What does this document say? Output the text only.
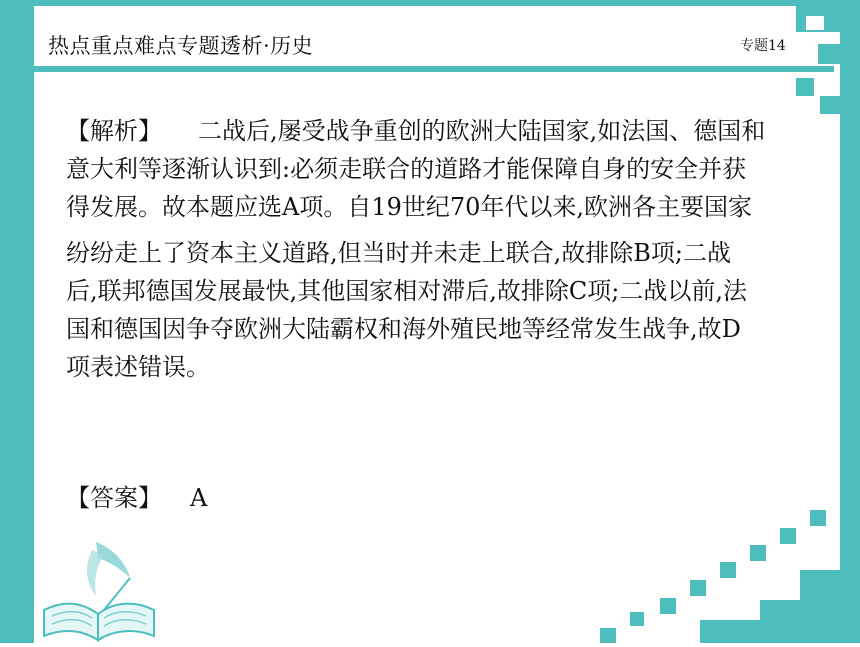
热点重点难点专题透析·历史	专题14
【解析】 二战后,屡受战争重创的欧洲大陆国家,如法国、德国和
意大利等逐渐认识到:必须走联合的道路才能保障自身的安全并获
得发展。故本题应选A项。自19世纪70年代以来,欧洲各主要国家
纷纷走上了资本主义道路,但当时并未走上联合,故排除B项;二战
后,联邦德国发展最快,其他国家相对滞后,故排除C项;二战以前,法
国和德国因争夺欧洲大陆霸权和海外殖民地等经常发生战争,故D
项表述错误。
【答案】 A
